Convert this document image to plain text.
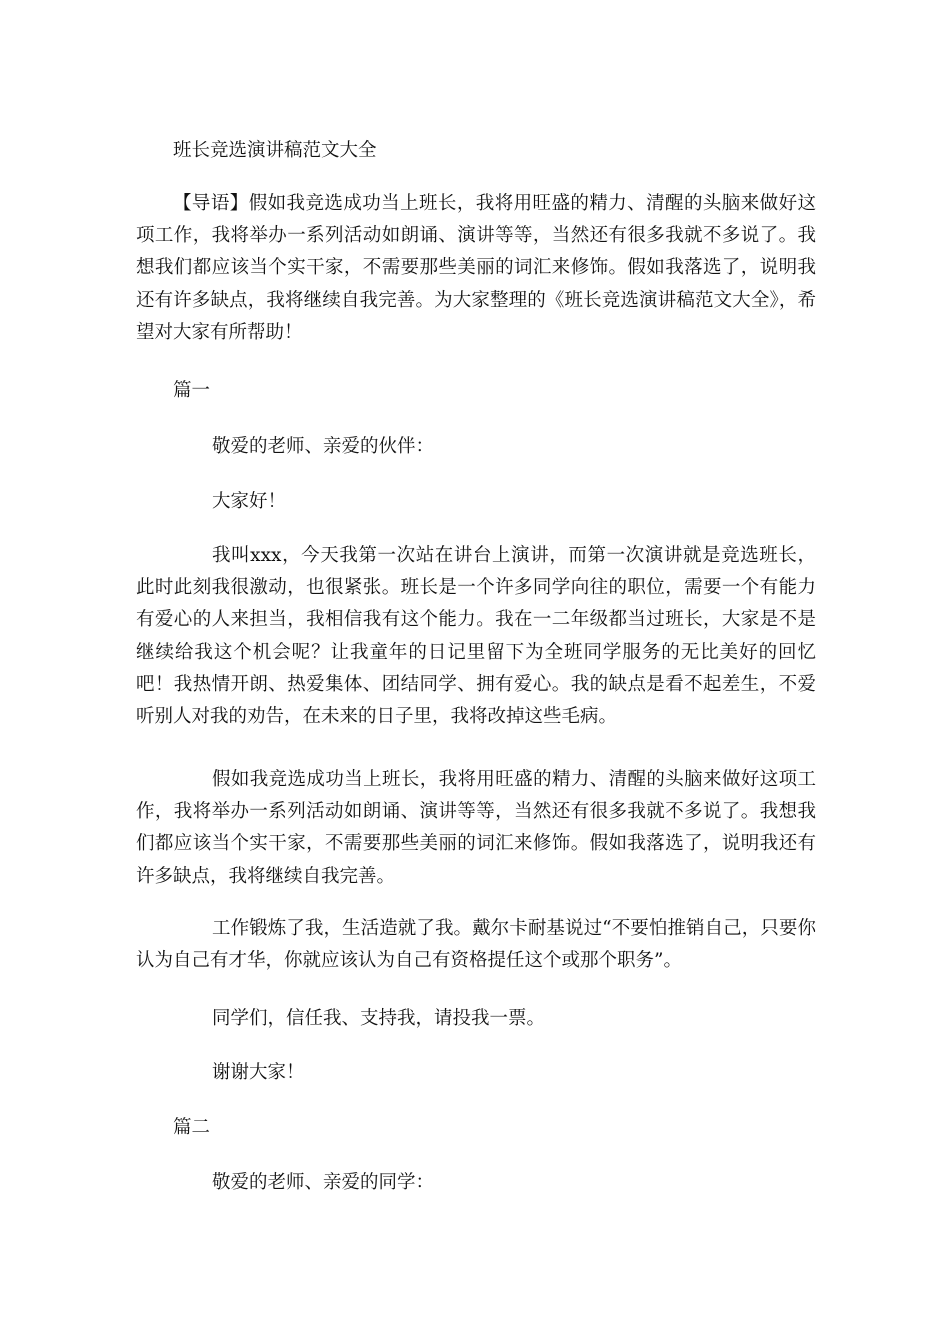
班长竞选演讲稿范文大全

【导语】假如我竞选成功当上班长，我将用旺盛的精力、清醒的头脑来做好这项工作，我将举办一系列活动如朗诵、演讲等等，当然还有很多我就不多说了。我想我们都应该当个实干家，不需要那些美丽的词汇来修饰。假如我落选了，说明我还有许多缺点，我将继续自我完善。为大家整理的《班长竞选演讲稿范文大全》，希望对大家有所帮助！

篇一

敬爱的老师、亲爱的伙伴：

大家好！

我叫xxx，今天我第一次站在讲台上演讲，而第一次演讲就是竞选班长，此时此刻我很激动，也很紧张。班长是一个许多同学向往的职位，需要一个有能力有爱心的人来担当，我相信我有这个能力。我在一二年级都当过班长，大家是不是继续给我这个机会呢？让我童年的日记里留下为全班同学服务的无比美好的回忆吧！我热情开朗、热爱集体、团结同学、拥有爱心。我的缺点是看不起差生，不爱听别人对我的劝告，在未来的日子里，我将改掉这些毛病。

假如我竞选成功当上班长，我将用旺盛的精力、清醒的头脑来做好这项工作，我将举办一系列活动如朗诵、演讲等等，当然还有很多我就不多说了。我想我们都应该当个实干家，不需要那些美丽的词汇来修饰。假如我落选了，说明我还有许多缺点，我将继续自我完善。

工作锻炼了我，生活造就了我。戴尔卡耐基说过“不要怕推销自己，只要你认为自己有才华，你就应该认为自己有资格提任这个或那个职务”。

同学们，信任我、支持我，请投我一票。

谢谢大家！

篇二

敬爱的老师、亲爱的同学：
